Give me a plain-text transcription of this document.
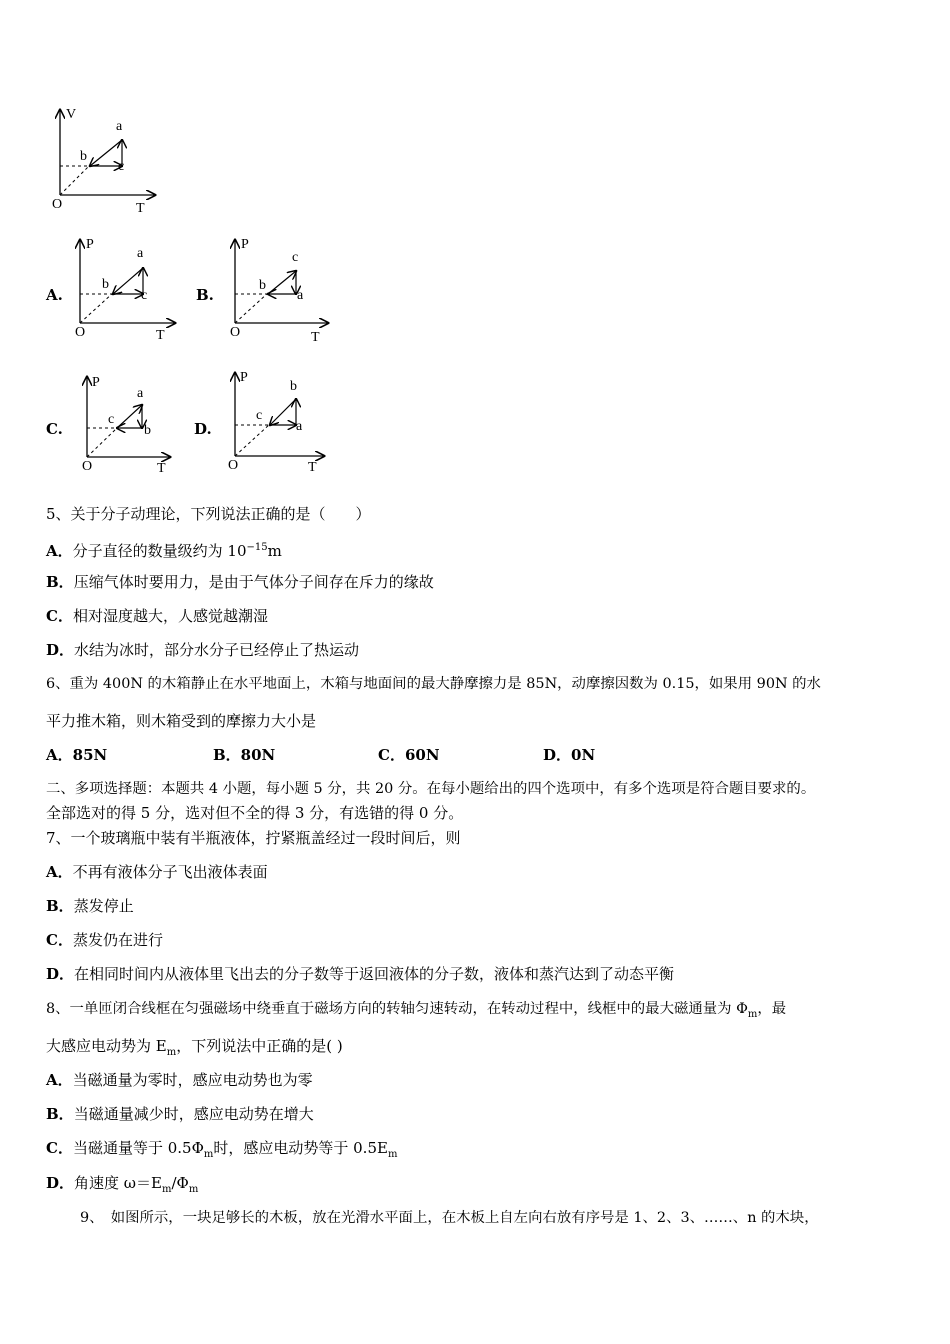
V
T
O
a
b
c
A.
P
T
O
a
b
c	B.
P
T
O
c
b
a
C.
P
T
O
a
c
b	D.
P
T
O
b
c
a
5、关于分子动理论，下列说法正确的是（　　）
A．分子直径的数量级约为 $10^{-15}m$
B．压缩气体时要用力，是由于气体分子间存在斥力的缘故
C．相对湿度越大，人感觉越潮湿
D．水结为冰时，部分水分子已经停止了热运动
6、重为 400N 的木箱静止在水平地面上，木箱与地面间的最大静摩擦力是 85N，动摩擦因数为 0.15，如果用 90N 的水
平力推木箱，则木箱受到的摩擦力大小是
A．85N	B．80N	C．60N	D．0N
二、多项选择题：本题共 4 小题，每小题 5 分，共 20 分。在每小题给出的四个选项中，有多个选项是符合题目要求的。
全部选对的得 5 分，选对但不全的得 3 分，有选错的得 0 分。
7、一个玻璃瓶中装有半瓶液体，拧紧瓶盖经过一段时间后，则
A．不再有液体分子飞出液体表面
B．蒸发停止
C．蒸发仍在进行
D．在相同时间内从液体里飞出去的分子数等于返回液体的分子数，液体和蒸汽达到了动态平衡
8、一单匝闭合线框在匀强磁场中绕垂直于磁场方向的转轴匀速转动，在转动过程中，线框中的最大磁通量为 $\Phi_m$，最
大感应电动势为 $E_m$，下列说法中正确的是( )
A．当磁通量为零时，感应电动势也为零
B．当磁通量减少时，感应电动势在增大
C．当磁通量等于 $0.5\Phi_m$时，感应电动势等于 $0.5E_m$
D．角速度 $\omega=E_m/\Phi_m$
9、　如图所示，一块足够长的木板，放在光滑水平面上，在木板上自左向右放有序号是 1、2、3、……、n 的木块，
